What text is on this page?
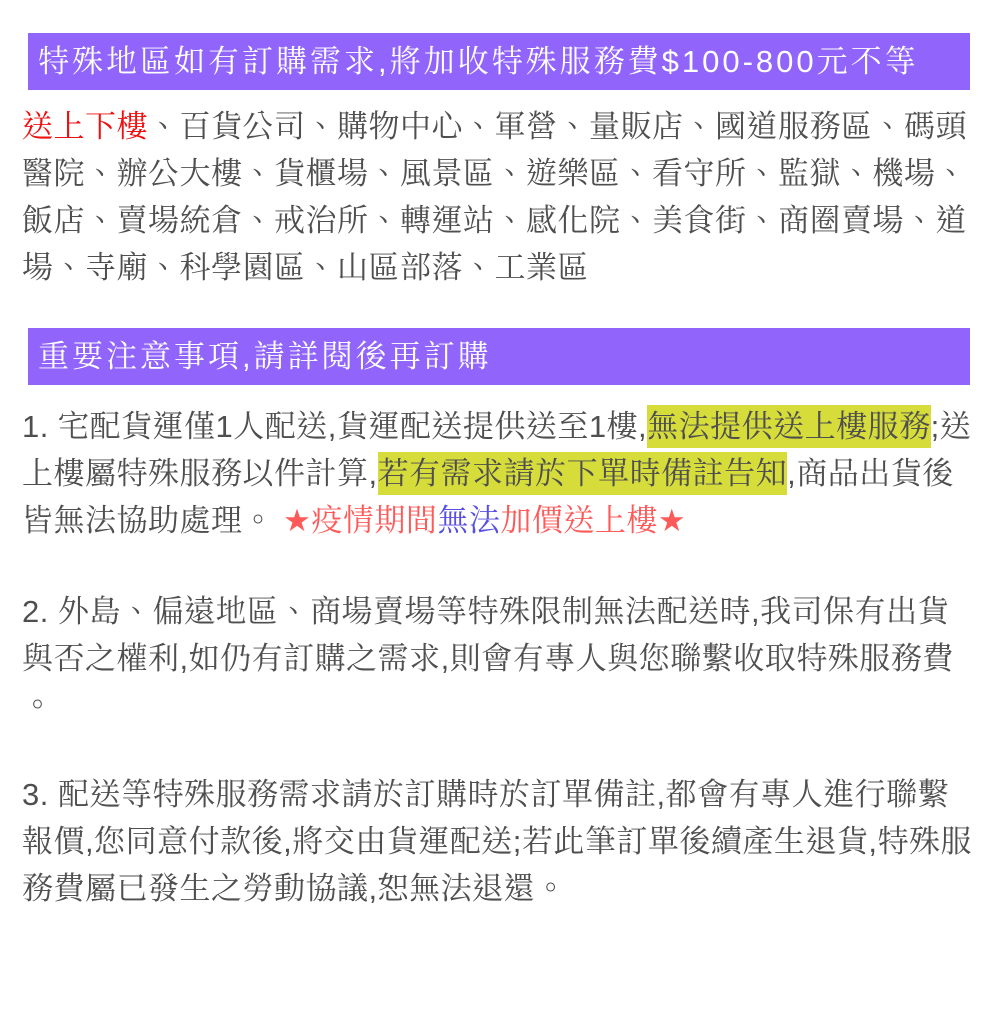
特殊地區如有訂購需求,將加收特殊服務費$100-800元不等

送上下樓、百貨公司、購物中心、軍營、量販店、國道服務區、碼頭醫院、辦公大樓、貨櫃場、風景區、遊樂區、看守所、監獄、機場、飯店、賣場統倉、戒治所、轉運站、感化院、美食街、商圈賣場、道場、寺廟、科學園區、山區部落、工業區

重要注意事項,請詳閱後再訂購

1. 宅配貨運僅1人配送,貨運配送提供送至1樓,無法提供送上樓服務;送上樓屬特殊服務以件計算,若有需求請於下單時備註告知,商品出貨後皆無法協助處理。 ★疫情期間無法加價送上樓★

2. 外島、偏遠地區、商場賣場等特殊限制無法配送時,我司保有出貨與否之權利,如仍有訂購之需求,則會有專人與您聯繫收取特殊服務費。

3. 配送等特殊服務需求請於訂購時於訂單備註,都會有專人進行聯繫報價,您同意付款後,將交由貨運配送;若此筆訂單後續產生退貨,特殊服務費屬已發生之勞動協議,恕無法退還。
